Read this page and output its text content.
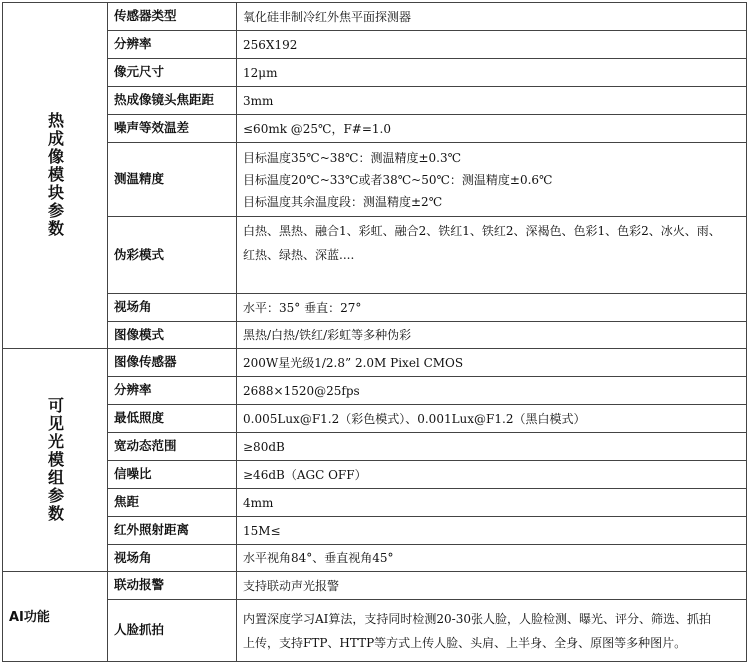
热成像模块参数	传感器类型	氧化硅非制冷红外焦平面探测器

	分辨率	256X192

	像元尺寸	12μm

	热成像镜头焦距距	3mm

	噪声等效温差	≤60mk @25℃，F#=1.0

	测温精度	目标温度35℃~38℃：测温精度±0.3℃
目标温度20℃~33℃或者38℃~50℃：测温精度±0.6℃
目标温度其余温度段：测温精度±2℃

	伪彩模式	白热、黑热、融合1、彩虹、融合2、铁红1、铁红2、深褐色、色彩1、色彩2、冰火、雨、
红热、绿热、深蓝....

	视场角	水平：35° 垂直：27°

	图像模式	黑热/白热/铁红/彩虹等多种伪彩

可见光模组参数	图像传感器	200W星光级1/2.8” 2.0M Pixel CMOS

	分辨率	2688×1520@25fps

	最低照度	0.005Lux@F1.2（彩色模式）、0.001Lux@F1.2（黑白模式）

	宽动态范围	≥80dB

	信噪比	≥46dB（AGC OFF）

	焦距	4mm

	红外照射距离	15M≤

	视场角	水平视角84°、垂直视角45°

AI功能	联动报警	支持联动声光报警

	人脸抓拍	内置深度学习AI算法，支持同时检测20-30张人脸，人脸检测、曝光、评分、筛选、抓拍
上传，支持FTP、HTTP等方式上传人脸、头肩、上半身、全身、原图等多种图片。
